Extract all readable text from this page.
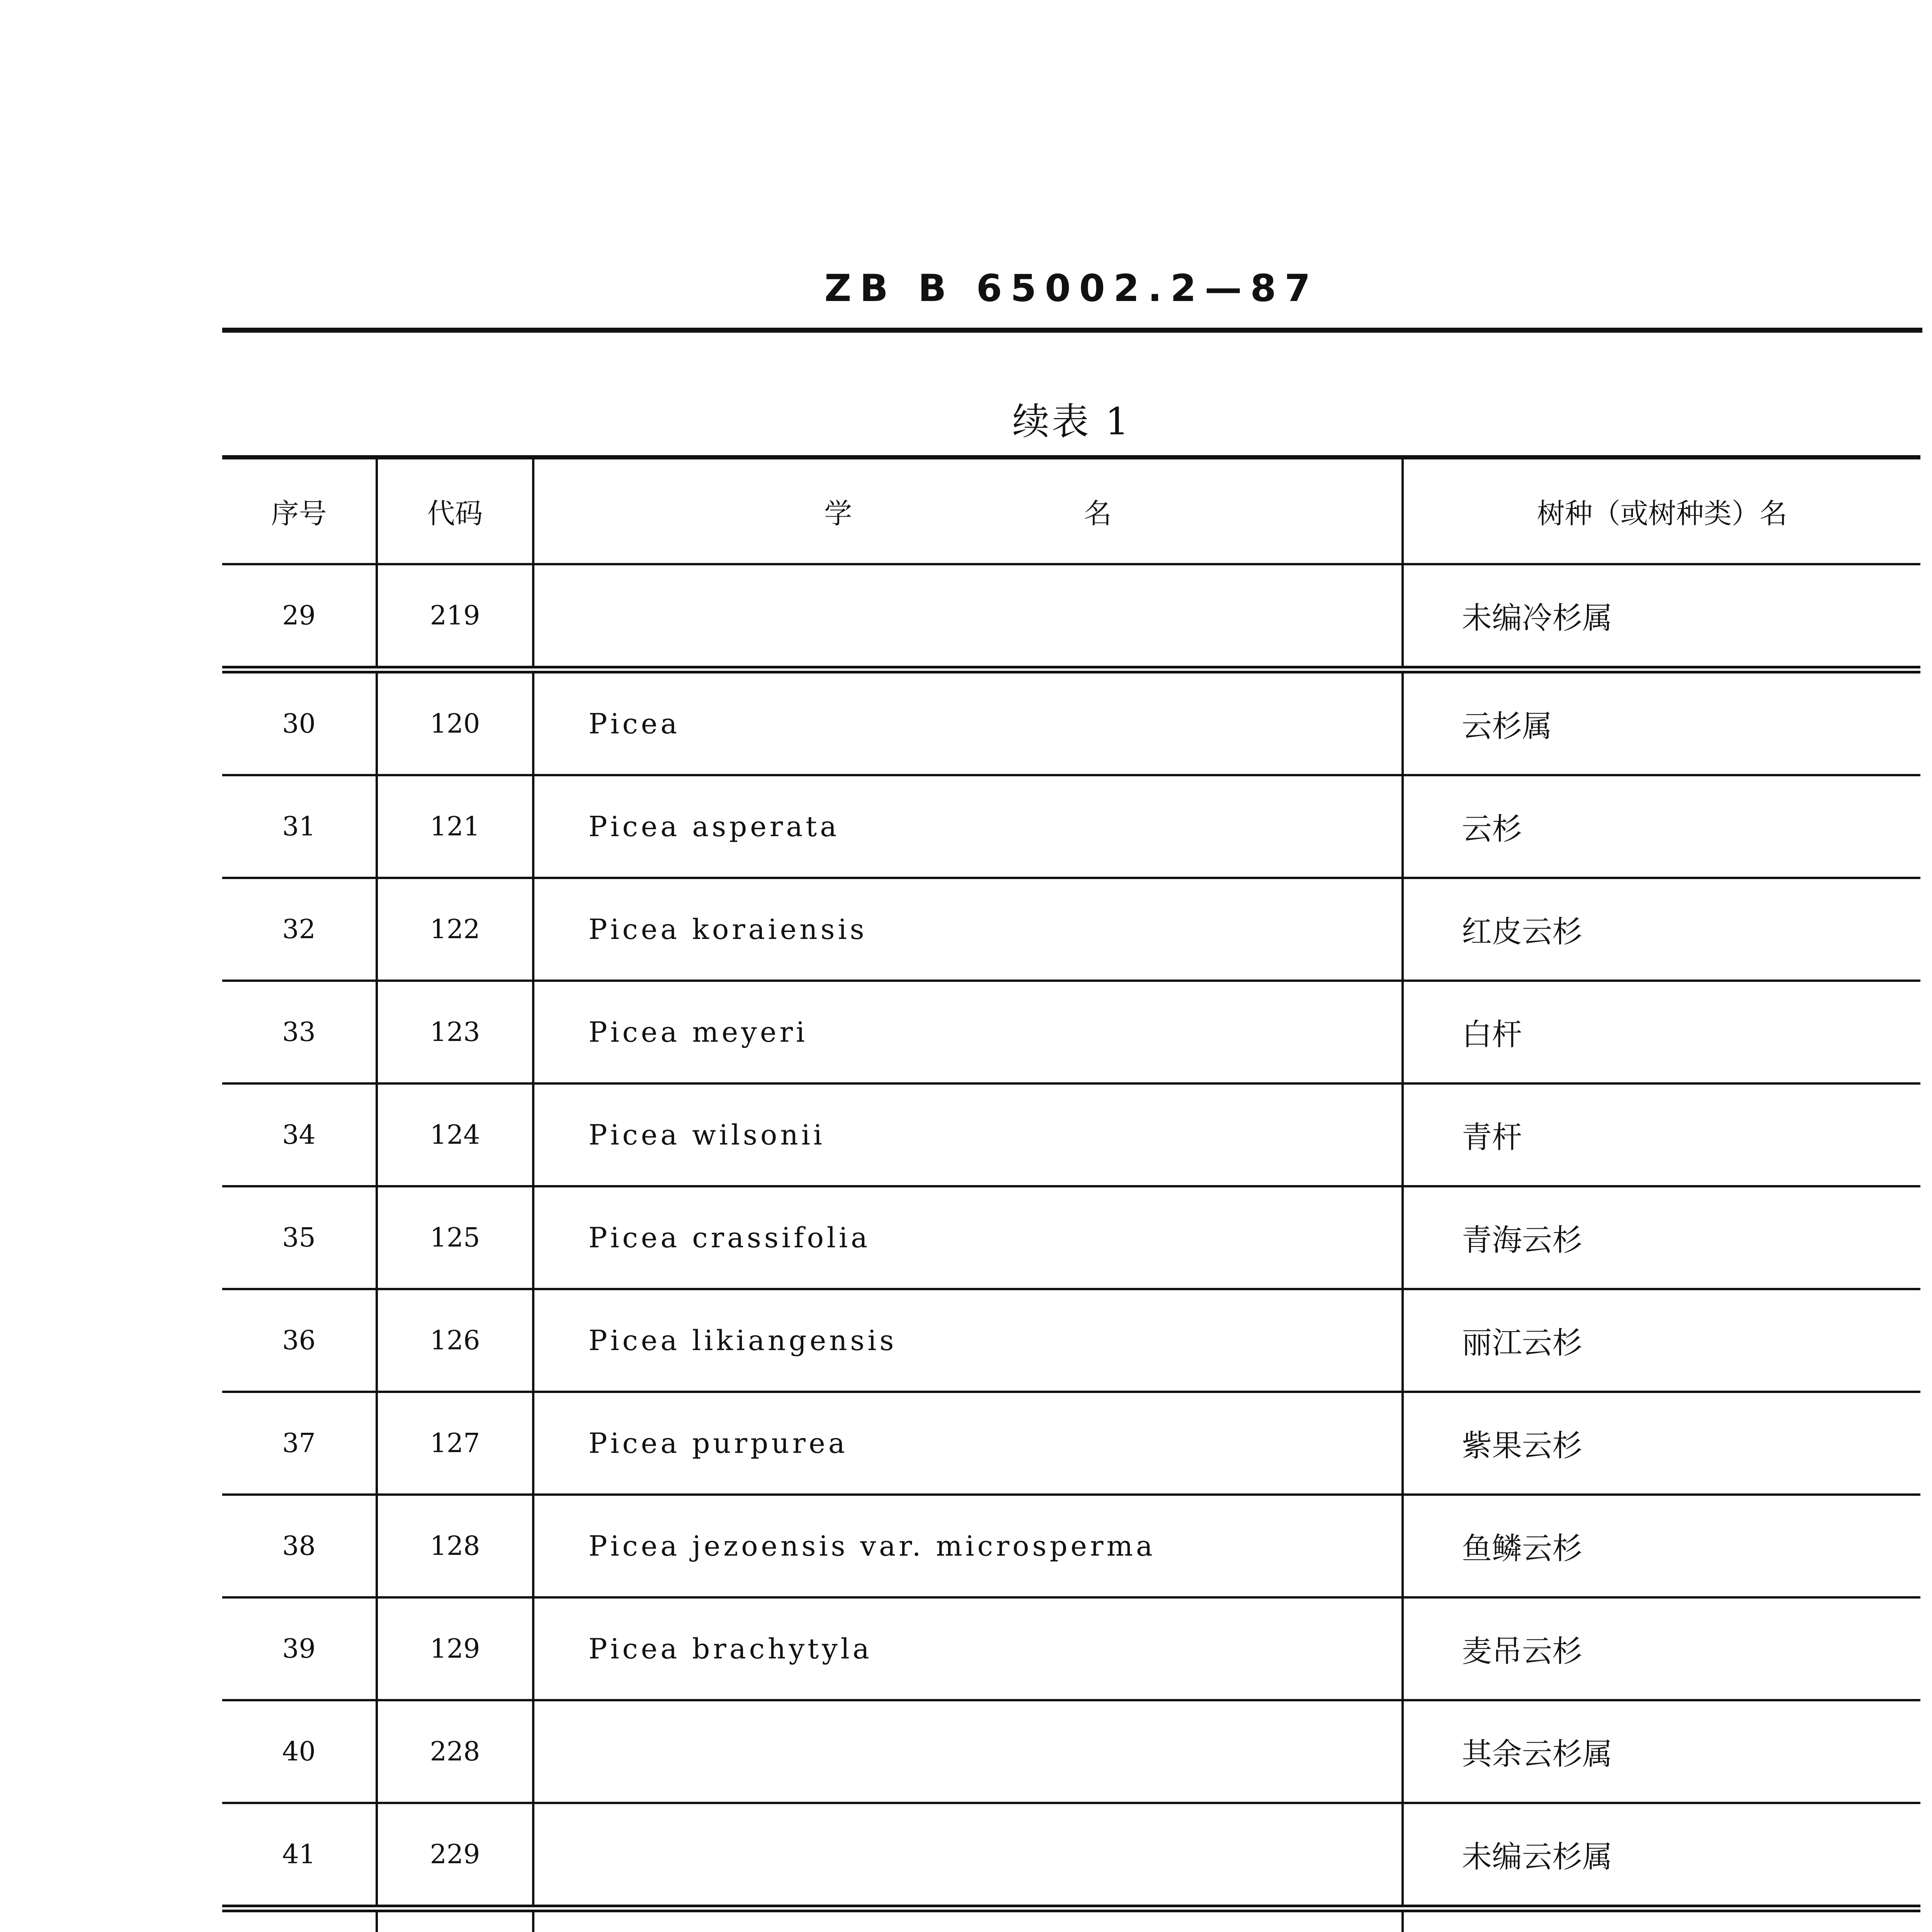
ZB B 65002.2—87
续表 1
序号	代码	学 名	树种（或树种类）名
29	219		未编冷杉属
30	120	Picea	云杉属
31	121	Picea asperata	云杉
32	122	Picea koraiensis	红皮云杉
33	123	Picea meyeri	白杆
34	124	Picea wilsonii	青杆
35	125	Picea crassifolia	青海云杉
36	126	Picea likiangensis	丽江云杉
37	127	Picea purpurea	紫果云杉
38	128	Picea jezoensis var. microsperma	鱼鳞云杉
39	129	Picea brachytyla	麦吊云杉
40	228		其余云杉属
41	229		未编云杉属
